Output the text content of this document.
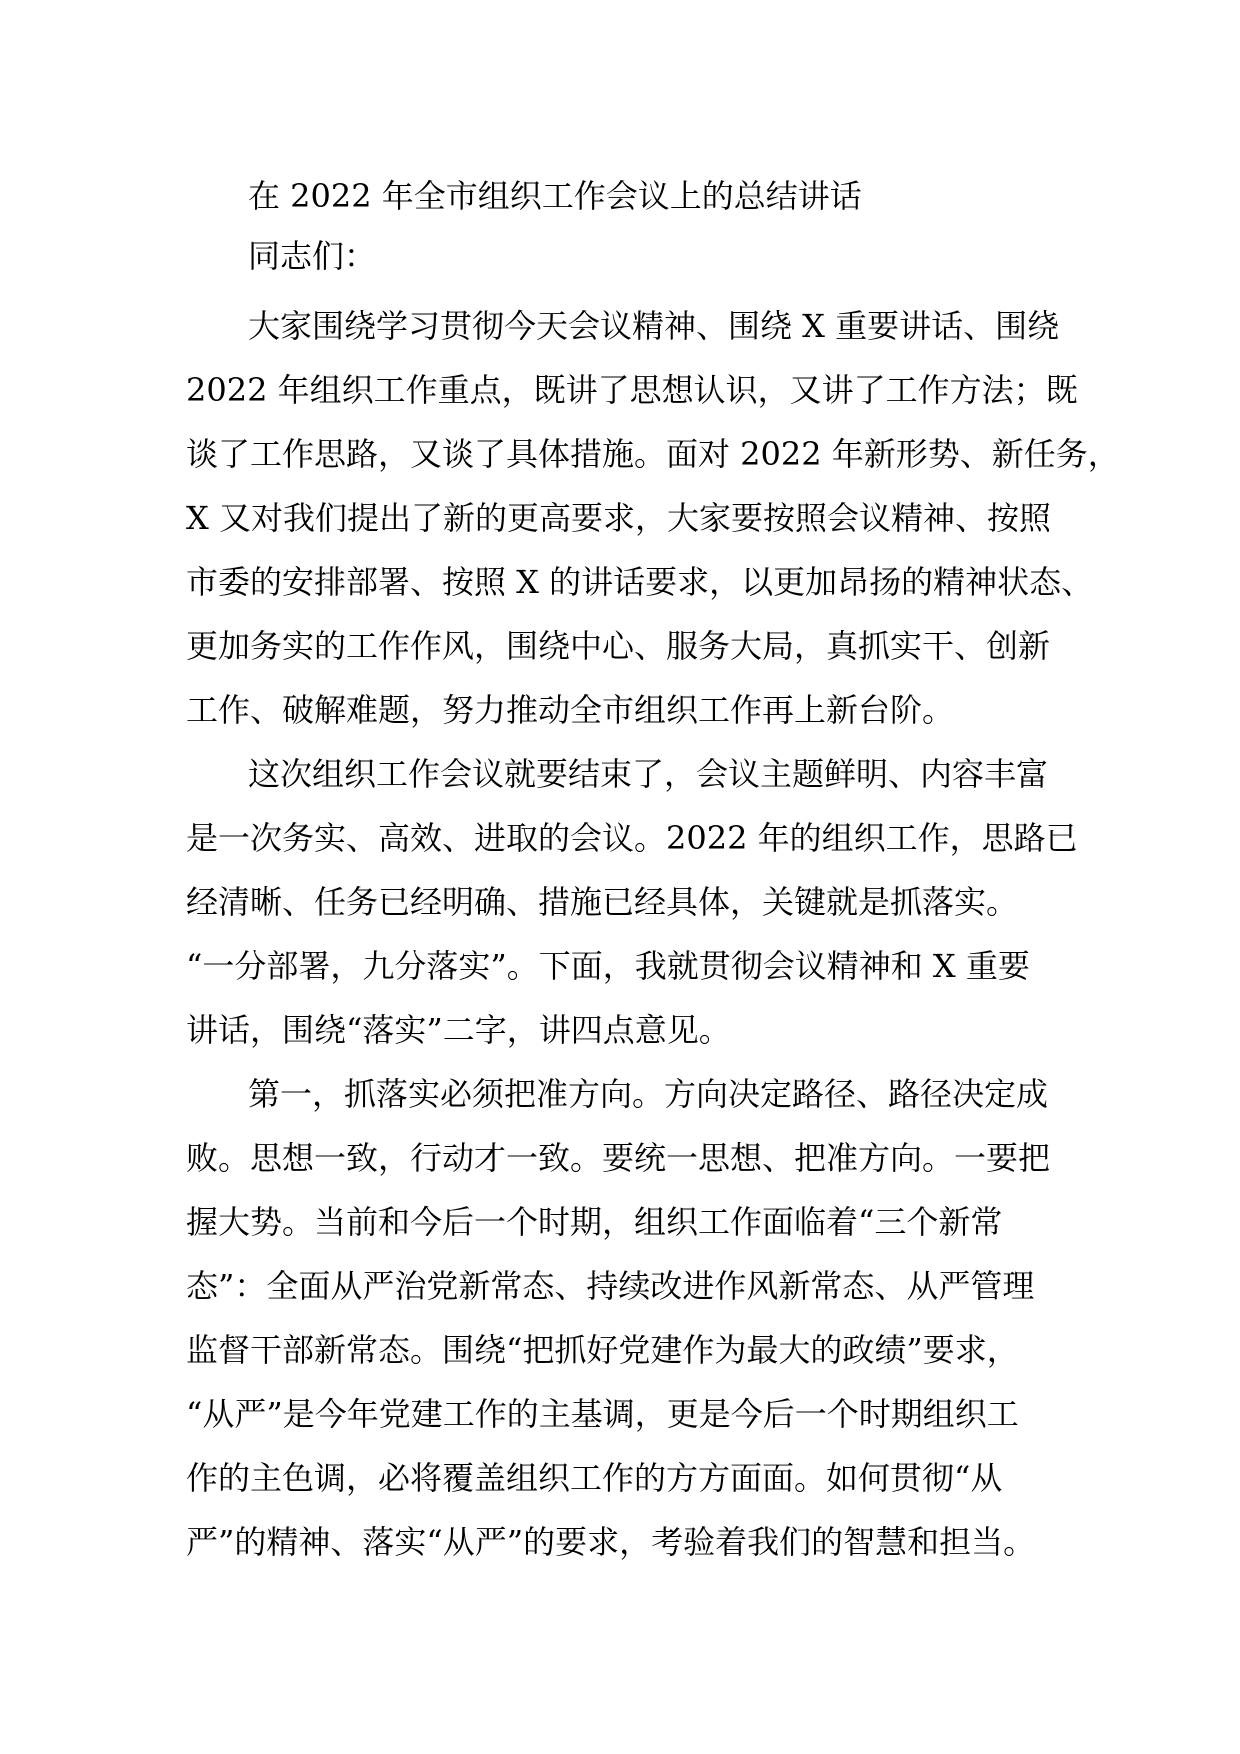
在 2022 年全市组织工作会议上的总结讲话

同志们：

大家围绕学习贯彻今天会议精神、围绕 X 重要讲话、围绕

2022 年组织工作重点，既讲了思想认识，又讲了工作方法；既

谈了工作思路，又谈了具体措施。面对 2022 年新形势、新任务，

X 又对我们提出了新的更高要求，大家要按照会议精神、按照

市委的安排部署、按照 X 的讲话要求，以更加昂扬的精神状态、

更加务实的工作作风，围绕中心、服务大局，真抓实干、创新

工作、破解难题，努力推动全市组织工作再上新台阶。

这次组织工作会议就要结束了，会议主题鲜明、内容丰富

是一次务实、高效、进取的会议。2022 年的组织工作，思路已

经清晰、任务已经明确、措施已经具体，关键就是抓落实。

“一分部署，九分落实”。下面，我就贯彻会议精神和 X 重要

讲话，围绕“落实”二字，讲四点意见。

第一，抓落实必须把准方向。方向决定路径、路径决定成

败。思想一致，行动才一致。要统一思想、把准方向。一要把

握大势。当前和今后一个时期，组织工作面临着“三个新常

态”：全面从严治党新常态、持续改进作风新常态、从严管理

监督干部新常态。围绕“把抓好党建作为最大的政绩”要求，

“从严”是今年党建工作的主基调，更是今后一个时期组织工

作的主色调，必将覆盖组织工作的方方面面。如何贯彻“从

严”的精神、落实“从严”的要求，考验着我们的智慧和担当。
